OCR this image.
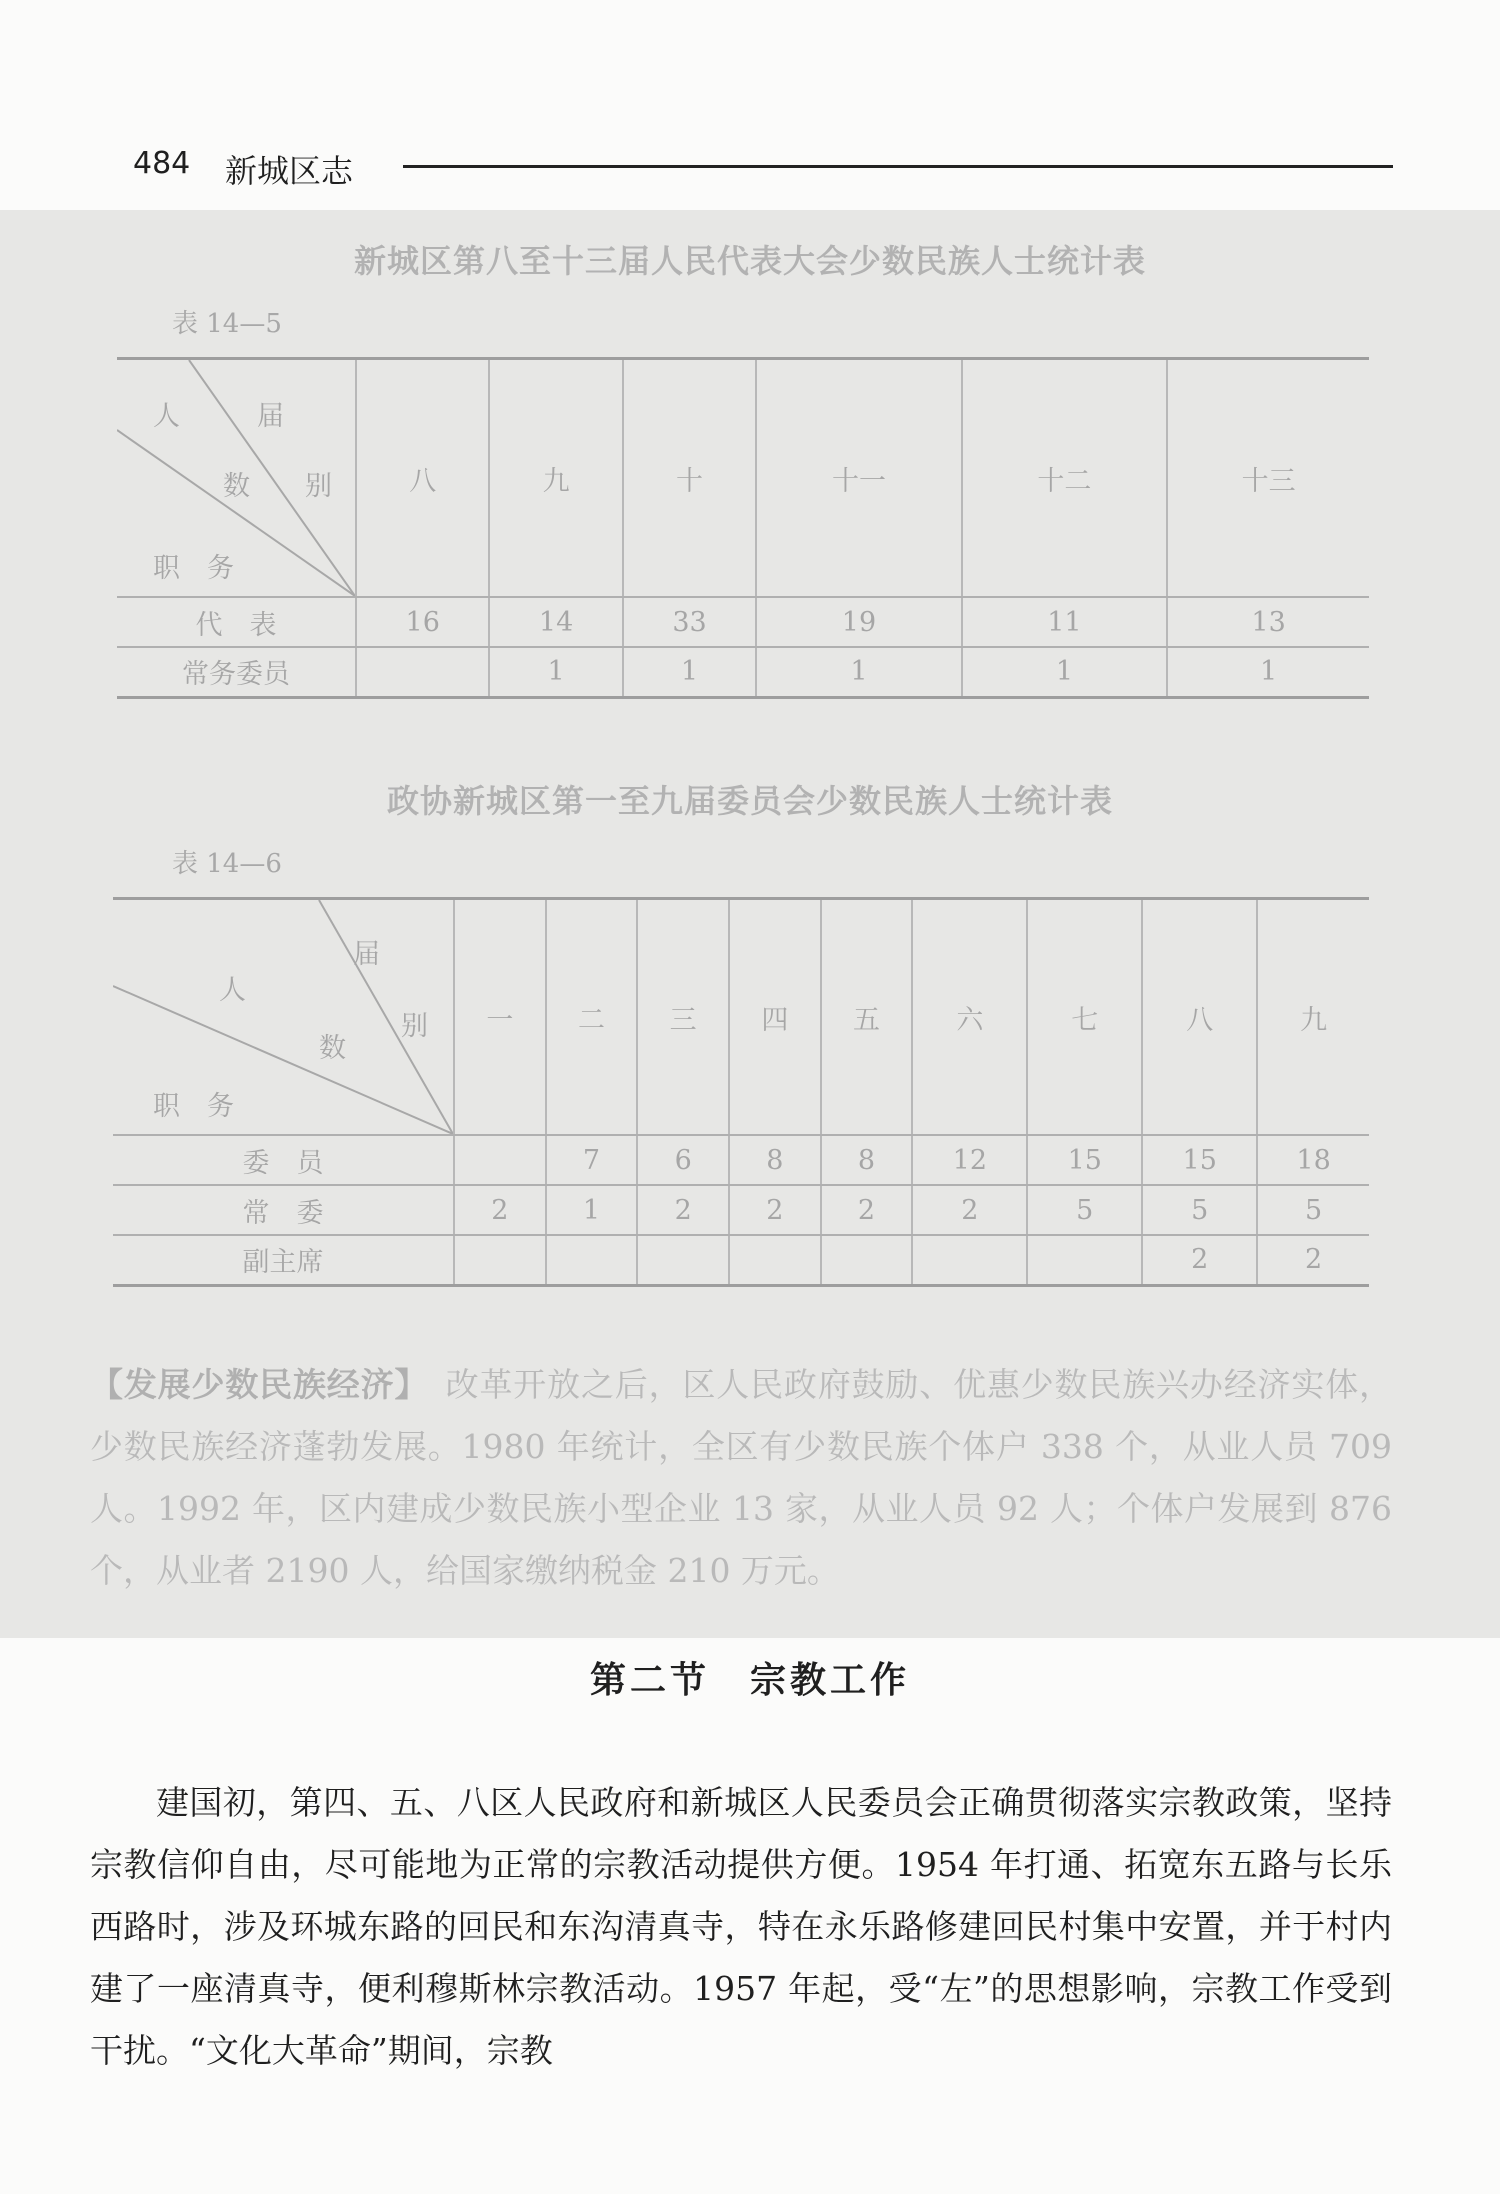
484 新城区志
新城区第八至十三届人民代表大会少数民族人士统计表
表 14—5
人 届
数 别
职　务	八	九	十	十一	十二	十三
代　表	16	14	33	19	11	13
常务委员		1	1	1	1	1
政协新城区第一至九届委员会少数民族人士统计表
表 14—6
届
人
别
数
职　务	一	二	三	四	五	六	七	八	九
委　员		7	6	8	8	12	15	15	18
常　委	2	1	2	2	2	2	5	5	5
副主席								2	2
【发展少数民族经济】　 改革开放之后，区人民政府鼓励、优惠少数民族兴办经济实体，少数民族经济蓬勃发展。1980 年统计，全区有少数民族个体户 338 个，从业人员 709 人。1992 年，区内建成少数民族小型企业 13 家，从业人员 92 人；个体户发展到 876 个，从业者 2190 人，给国家缴纳税金 210 万元。
第二节　宗教工作
建国初，第四、五、八区人民政府和新城区人民委员会正确贯彻落实宗教政策，坚持宗教信仰自由，尽可能地为正常的宗教活动提供方便。1954 年打通、拓宽东五路与长乐西路时，涉及环城东路的回民和东沟清真寺，特在永乐路修建回民村集中安置，并于村内建了一座清真寺，便利穆斯林宗教活动。1957 年起，受“左”的思想影响，宗教工作受到干扰。“文化大革命”期间，宗教
